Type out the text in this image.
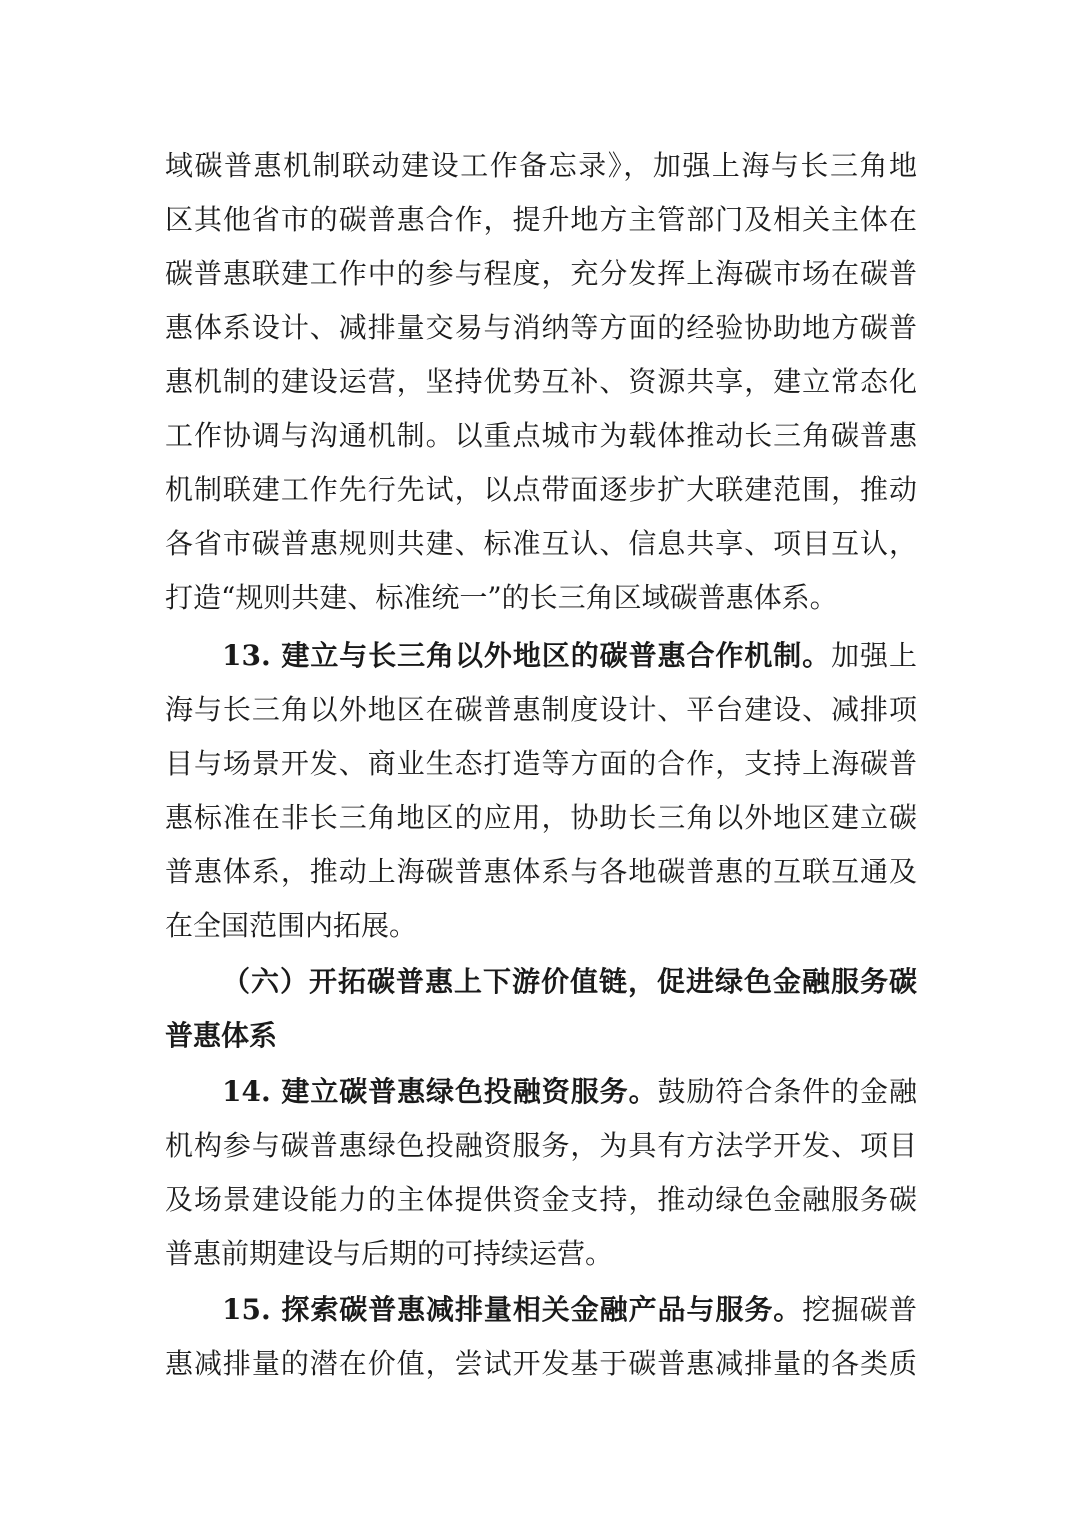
域碳普惠机制联动建设工作备忘录》，加强上海与长三角地
区其他省市的碳普惠合作，提升地方主管部门及相关主体在
碳普惠联建工作中的参与程度，充分发挥上海碳市场在碳普
惠体系设计、减排量交易与消纳等方面的经验协助地方碳普
惠机制的建设运营，坚持优势互补、资源共享，建立常态化
工作协调与沟通机制。以重点城市为载体推动长三角碳普惠
机制联建工作先行先试，以点带面逐步扩大联建范围，推动
各省市碳普惠规则共建、标准互认、信息共享、项目互认，
打造“规则共建、标准统一”的长三角区域碳普惠体系。
13. 建立与长三角以外地区的碳普惠合作机制。加强上
海与长三角以外地区在碳普惠制度设计、平台建设、减排项
目与场景开发、商业生态打造等方面的合作，支持上海碳普
惠标准在非长三角地区的应用，协助长三角以外地区建立碳
普惠体系，推动上海碳普惠体系与各地碳普惠的互联互通及
在全国范围内拓展。
（六）开拓碳普惠上下游价值链，促进绿色金融服务碳
普惠体系
14. 建立碳普惠绿色投融资服务。鼓励符合条件的金融
机构参与碳普惠绿色投融资服务，为具有方法学开发、项目
及场景建设能力的主体提供资金支持，推动绿色金融服务碳
普惠前期建设与后期的可持续运营。
15. 探索碳普惠减排量相关金融产品与服务。挖掘碳普
惠减排量的潜在价值，尝试开发基于碳普惠减排量的各类质
